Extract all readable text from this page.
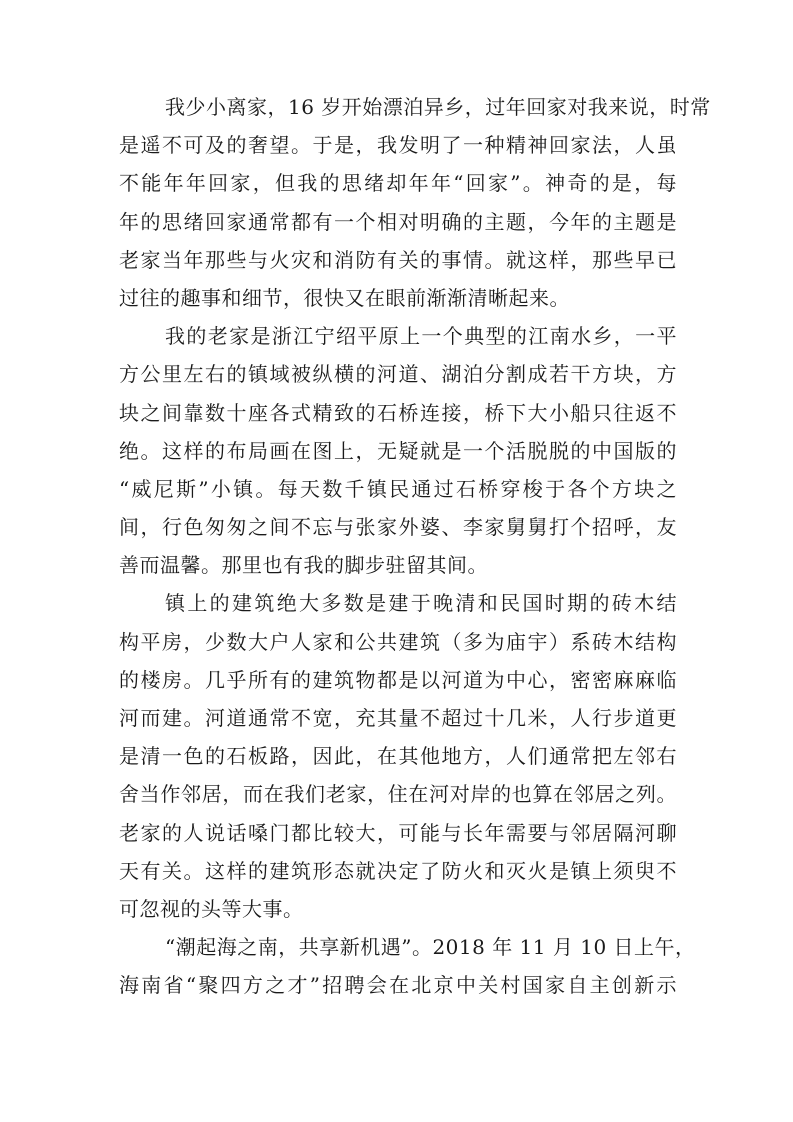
我少小离家，16 岁开始漂泊异乡，过年回家对我来说，时常
是遥不可及的奢望。于是，我发明了一种精神回家法，人虽
不能年年回家，但我的思绪却年年“回家”。神奇的是，每
年的思绪回家通常都有一个相对明确的主题，今年的主题是
老家当年那些与火灾和消防有关的事情。就这样，那些早已
过往的趣事和细节，很快又在眼前渐渐清晰起来。
我的老家是浙江宁绍平原上一个典型的江南水乡，一平
方公里左右的镇域被纵横的河道、湖泊分割成若干方块，方
块之间靠数十座各式精致的石桥连接，桥下大小船只往返不
绝。这样的布局画在图上，无疑就是一个活脱脱的中国版的
“威尼斯”小镇。每天数千镇民通过石桥穿梭于各个方块之
间，行色匆匆之间不忘与张家外婆、李家舅舅打个招呼，友
善而温馨。那里也有我的脚步驻留其间。
镇上的建筑绝大多数是建于晚清和民国时期的砖木结
构平房，少数大户人家和公共建筑（多为庙宇）系砖木结构
的楼房。几乎所有的建筑物都是以河道为中心，密密麻麻临
河而建。河道通常不宽，充其量不超过十几米，人行步道更
是清一色的石板路，因此，在其他地方，人们通常把左邻右
舍当作邻居，而在我们老家，住在河对岸的也算在邻居之列。
老家的人说话嗓门都比较大，可能与长年需要与邻居隔河聊
天有关。这样的建筑形态就决定了防火和灭火是镇上须臾不
可忽视的头等大事。
“潮起海之南，共享新机遇”。2018 年 11 月 10 日上午，
海南省“聚四方之才”招聘会在北京中关村国家自主创新示
